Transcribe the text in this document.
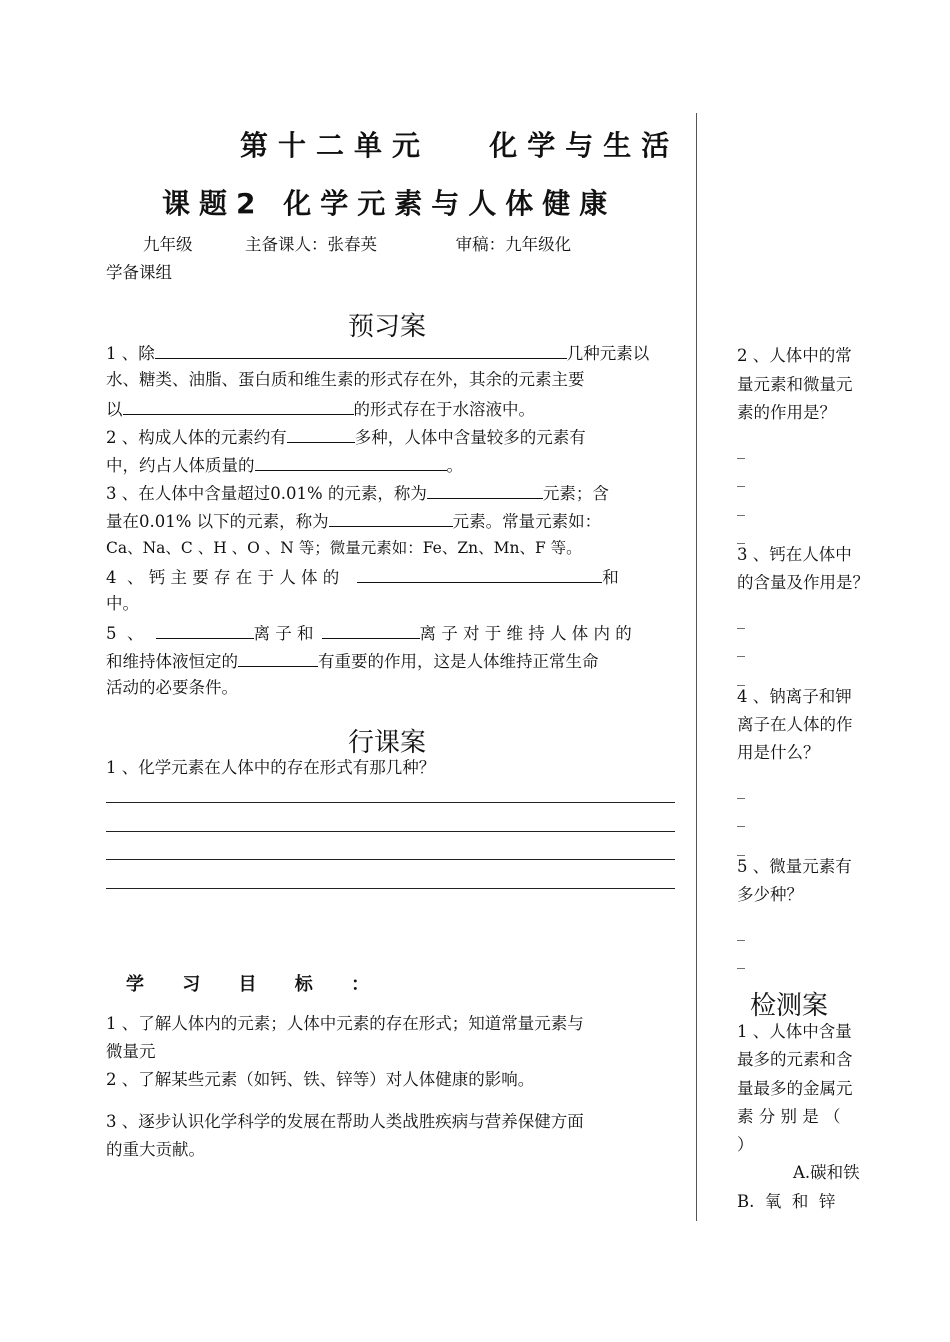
第十二单元   化学与生活
课题2 化学元素与人体健康
九年级          主备课人：张春英               审稿：九年级化
学备课组
预习案
1 、除	几种元素以
水、糖类、油脂、蛋白质和维生素的形式存在外，其余的元素主要
以	的形式存在于水溶液中。
2 、构成人体的元素约有	多种，人体中含量较多的元素有
中，约占人体质量的	。
3 、在人体中含量超过0.01% 的元素，称为	元素；含
量在0.01% 以下的元素，称为	元素。常量元素如：
Ca、Na、C 、H 、O 、N 等；微量元素如：Fe、Zn、Mn、F 等。
4  、 钙 主 要 存 在 于 人 体 的	和
中。
5  、	离 子 和	离 子 对 于 维 持 人 体 内 的
和维持体液恒定的	有重要的作用，这是人体维持正常生命
活动的必要条件。
行课案
1 、化学元素在人体中的存在形式有那几种？
学 习 目 标 ：
1 、了解人体内的元素；人体中元素的存在形式；知道常量元素与
微量元
2 、了解某些元素（如钙、铁、锌等）对人体健康的影响。
3 、逐步认识化学科学的发展在帮助人类战胜疾病与营养保健方面
的重大贡献。
2 、人体中的常
量元素和微量元
素的作用是？
_
_
_
_
3 、钙在人体中
的含量及作用是？
_
_
_
4 、钠离子和钾
离子在人体的作
用是什么？
_
_
_
5 、微量元素有
多少种？
_
_
检测案
1 、人体中含量
最多的元素和含
量最多的金属元
素 分 别 是 （
）
A.碳和铁
B.  氧  和  锌
